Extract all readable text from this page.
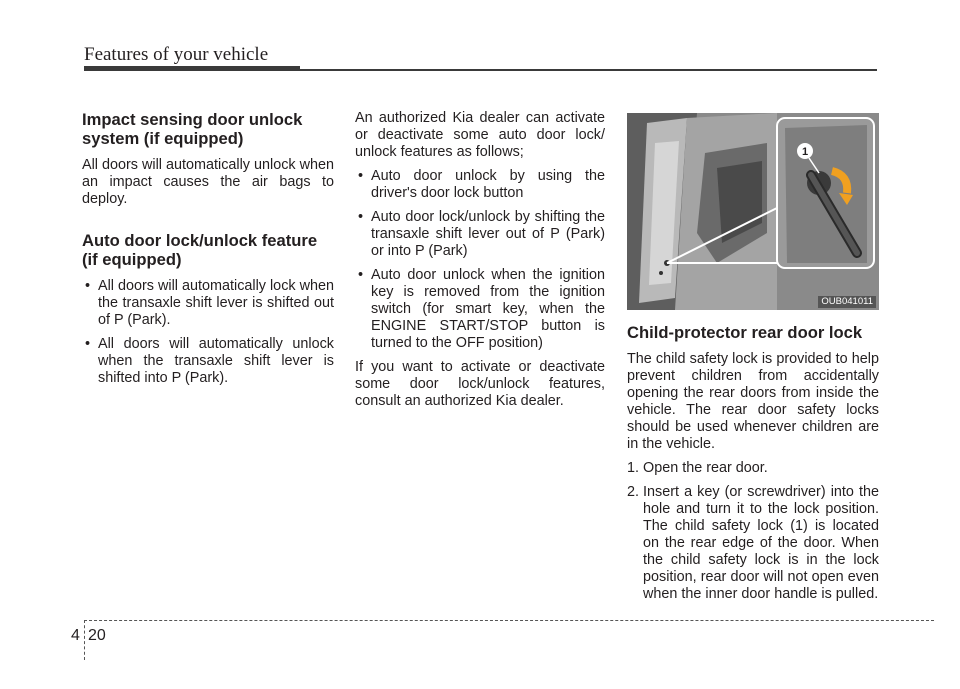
Features of your vehicle
Impact sensing door unlock
system (if equipped)

All doors will automatically unlock when an impact causes the air bags to deploy.

Auto door lock/unlock feature
(if equipped)
• All doors will automatically lock when the transaxle shift lever is shifted out of P (Park).
• All doors will automatically unlock when the transaxle shift lever is shifted into P (Park).

An authorized Kia dealer can activate or deactivate some auto door lock/ unlock features as follows;

• Auto door unlock by using the driver's door lock button
• Auto door lock/unlock by shifting the transaxle shift lever out of P (Park) or into P (Park)
• Auto door unlock when the ignition key is removed from the ignition switch (for smart key, when the ENGINE START/STOP button is turned to the OFF position)

If you want to activate or deactivate some door lock/unlock features, consult an authorized Kia dealer.

1
OUB041011
Child-protector rear door lock

The child safety lock is provided to help prevent children from accidentally opening the rear doors from inside the vehicle. The rear door safety locks should be used whenever children are in the vehicle.

1. Open the rear door.
2. Insert a key (or screwdriver) into the hole and turn it to the lock position. The child safety lock (1) is located on the rear edge of the door. When the child safety lock is in the lock position, rear door will not open even when the inner door handle is pulled.
4 20
